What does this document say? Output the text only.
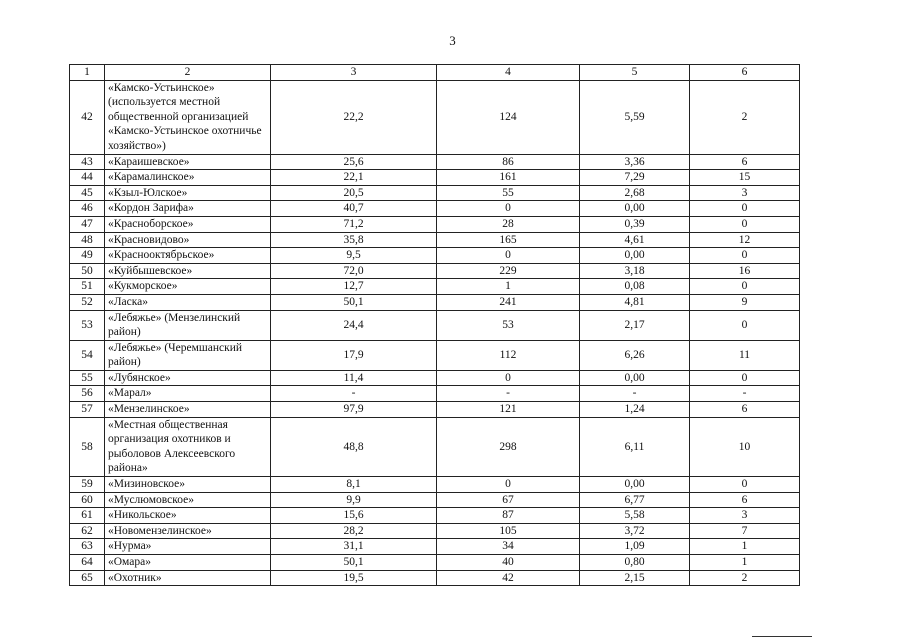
3
1	2	3	4	5	6
42	«Камско-Устьинское» (используется местной общественной организацией «Камско-Устьинское охотничье хозяйство»)	22,2	124	5,59	2
43	«Караишевское»	25,6	86	3,36	6
44	«Карамалинское»	22,1	161	7,29	15
45	«Кзыл-Юлское»	20,5	55	2,68	3
46	«Кордон Зарифа»	40,7	0	0,00	0
47	«Красноборское»	71,2	28	0,39	0
48	«Красновидово»	35,8	165	4,61	12
49	«Краснооктябрьское»	9,5	0	0,00	0
50	«Куйбышевское»	72,0	229	3,18	16
51	«Кукморское»	12,7	1	0,08	0
52	«Ласка»	50,1	241	4,81	9
53	«Лебяжье» (Мензелинский район)	24,4	53	2,17	0
54	«Лебяжье» (Черемшанский район)	17,9	112	6,26	11
55	«Лубянское»	11,4	0	0,00	0
56	«Марал»	-	-	-	-
57	«Мензелинское»	97,9	121	1,24	6
58	«Местная общественная организация охотников и рыболовов Алексеевского района»	48,8	298	6,11	10
59	«Мизиновское»	8,1	0	0,00	0
60	«Муслюмовское»	9,9	67	6,77	6
61	«Никольское»	15,6	87	5,58	3
62	«Новомензелинское»	28,2	105	3,72	7
63	«Нурма»	31,1	34	1,09	1
64	«Омара»	50,1	40	0,80	1
65	«Охотник»	19,5	42	2,15	2
